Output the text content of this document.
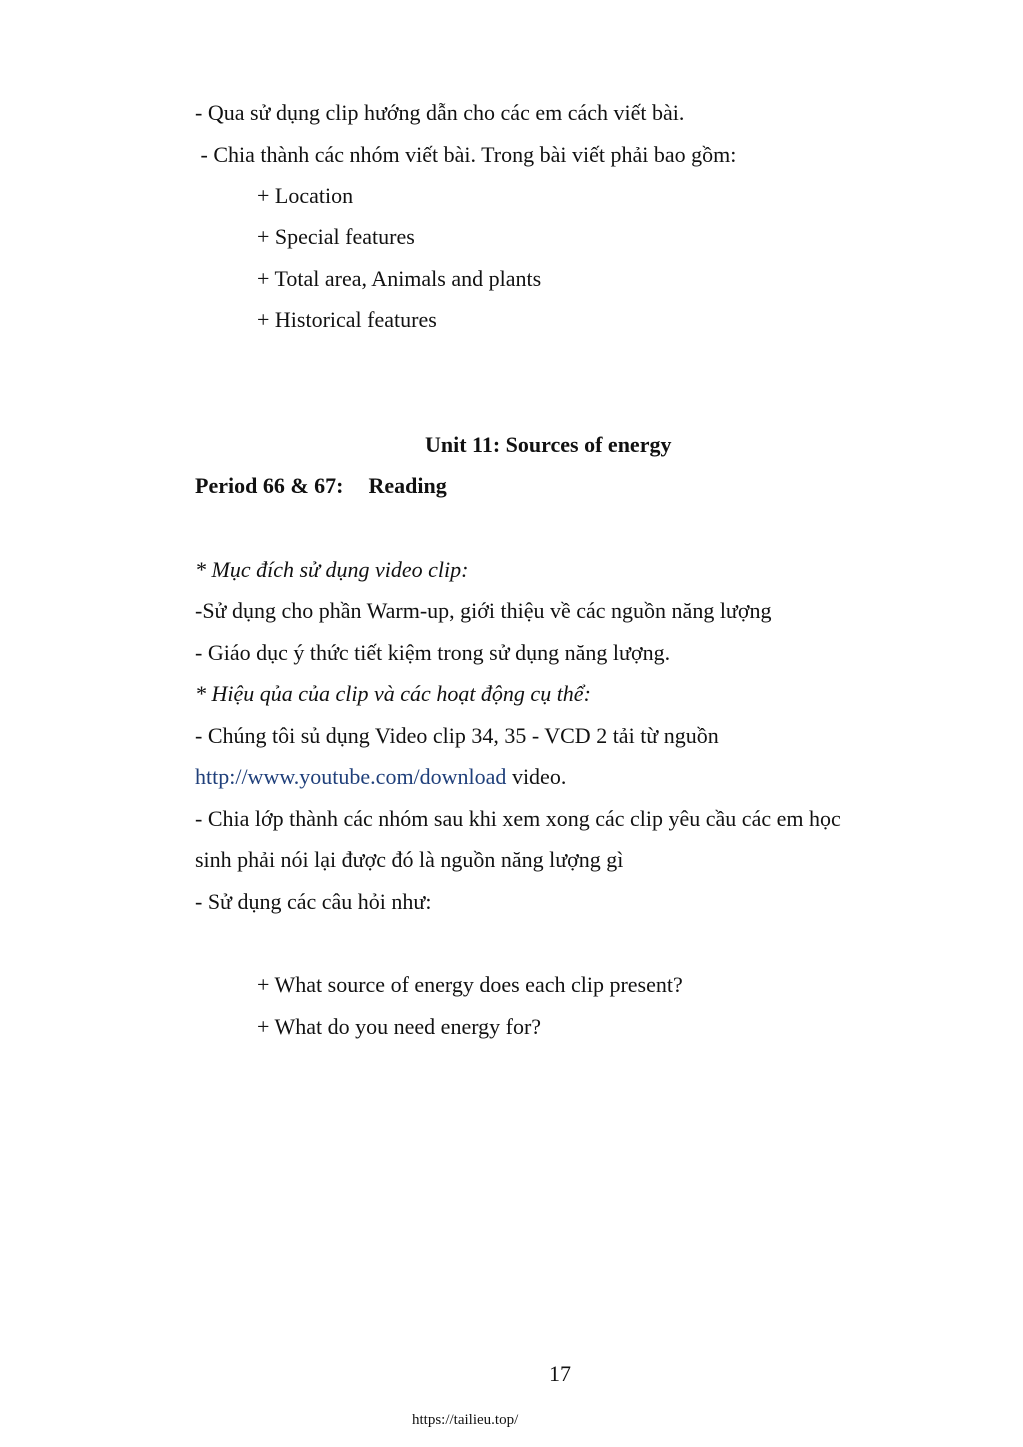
- Qua sử dụng clip hướng dẫn cho các em cách viết bài.
- Chia thành các nhóm viết bài. Trong bài viết phải bao gồm:
+ Location
+ Special features
+ Total area, Animals and plants
+ Historical features
Unit 11: Sources of energy
Period 66 & 67: Reading
* Mục đích sử dụng video clip:
-Sử dụng cho phần Warm-up, giới thiệu về các nguồn năng lượng
- Giáo dục ý thức tiết kiệm trong sử dụng năng lượng.
* Hiệu qủa của clip và các hoạt động cụ thể:
- Chúng tôi sủ dụng Video clip 34, 35 - VCD 2 tải từ nguồn
http://www.youtube.com/download video.
- Chia lớp thành các nhóm sau khi xem xong các clip yêu cầu các em học
sinh phải nói lại được đó là nguồn năng lượng gì
- Sử dụng các câu hỏi như:
+ What source of energy does each clip present?
+ What do you need energy for?
17
https://tailieu.top/
